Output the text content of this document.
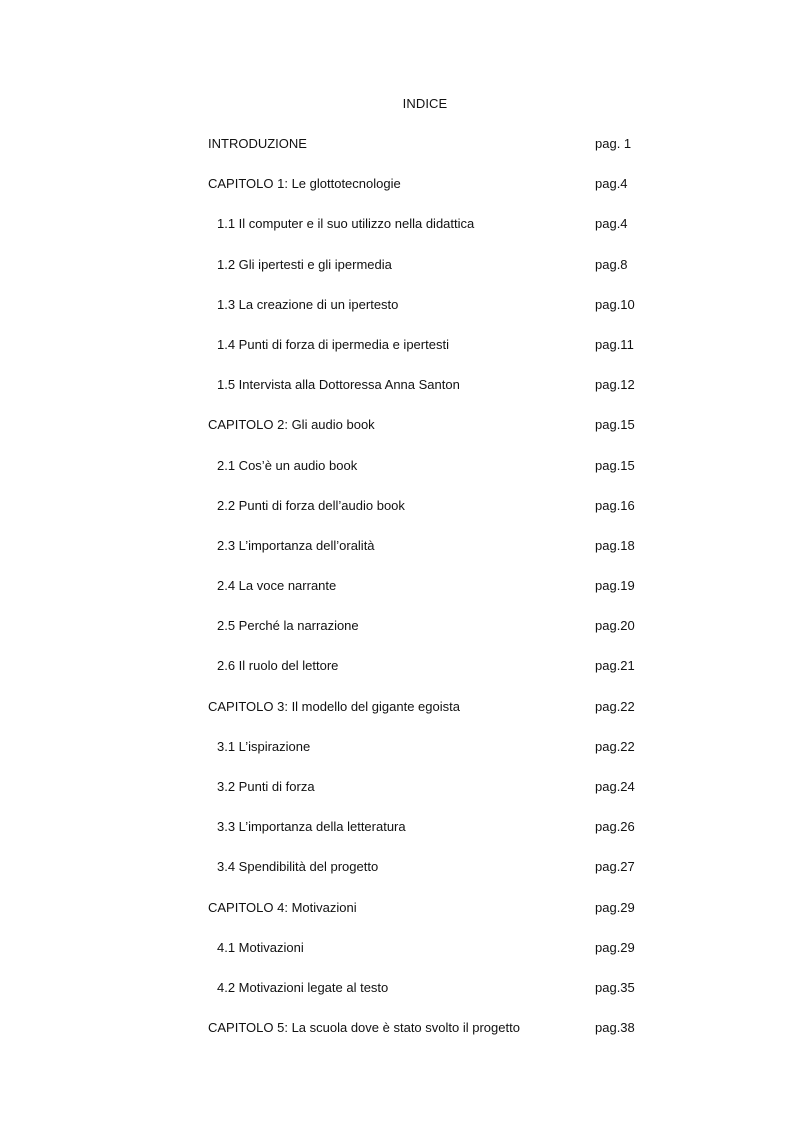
INDICE
INTRODUZIONE	pag. 1
CAPITOLO 1: Le glottotecnologie	pag.4
1.1 Il computer e il suo utilizzo nella didattica	pag.4
1.2 Gli ipertesti e gli ipermedia	pag.8
1.3 La creazione di un ipertesto	pag.10
1.4 Punti di forza di ipermedia e ipertesti	pag.11
1.5 Intervista alla Dottoressa Anna Santon	pag.12
CAPITOLO 2: Gli audio book	pag.15
2.1 Cos’è un audio book	pag.15
2.2 Punti di forza dell’audio book	pag.16
2.3 L’importanza dell’oralità	pag.18
2.4 La voce narrante	pag.19
2.5 Perché la narrazione	pag.20
2.6 Il ruolo del lettore	pag.21
CAPITOLO 3: Il modello del gigante egoista	pag.22
3.1 L’ispirazione	pag.22
3.2 Punti di forza	pag.24
3.3 L’importanza della letteratura	pag.26
3.4 Spendibilità del progetto	pag.27
CAPITOLO 4: Motivazioni	pag.29
4.1 Motivazioni	pag.29
4.2 Motivazioni legate al testo	pag.35
CAPITOLO 5: La scuola dove è stato svolto il progetto	pag.38
